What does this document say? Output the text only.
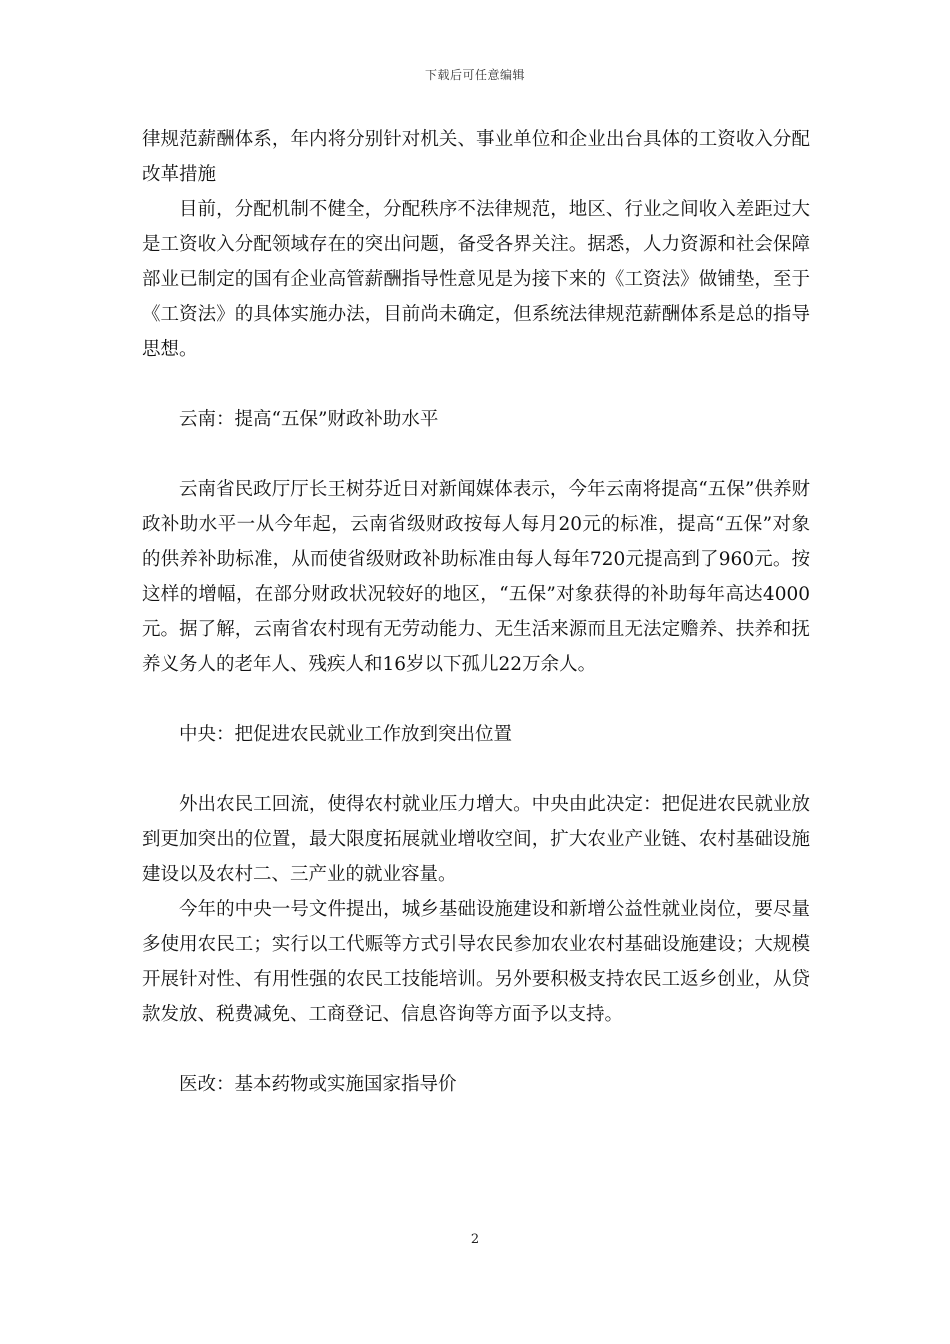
下载后可任意编辑

律规范薪酬体系，年内将分别针对机关、事业单位和企业出台具体的工资收入分配改革措施

目前，分配机制不健全，分配秩序不法律规范，地区、行业之间收入差距过大是工资收入分配领域存在的突出问题，备受各界关注。据悉，人力资源和社会保障部业已制定的国有企业高管薪酬指导性意见是为接下来的《工资法》做铺垫，至于《工资法》的具体实施办法，目前尚未确定，但系统法律规范薪酬体系是总的指导思想。

云南：提高“五保”财政补助水平

云南省民政厅厅长王树芬近日对新闻媒体表示，今年云南将提高“五保”供养财政补助水平一从今年起，云南省级财政按每人每月20元的标准，提高“五保”对象的供养补助标准，从而使省级财政补助标准由每人每年720元提高到了960元。按这样的增幅，在部分财政状况较好的地区，“五保”对象获得的补助每年高达4000元。据了解，云南省农村现有无劳动能力、无生活来源而且无法定赡养、扶养和抚养义务人的老年人、残疾人和16岁以下孤儿22万余人。

中央：把促进农民就业工作放到突出位置

外出农民工回流，使得农村就业压力增大。中央由此决定：把促进农民就业放到更加突出的位置，最大限度拓展就业增收空间，扩大农业产业链、农村基础设施建设以及农村二、三产业的就业容量。

今年的中央一号文件提出，城乡基础设施建设和新增公益性就业岗位，要尽量多使用农民工；实行以工代赈等方式引导农民参加农业农村基础设施建设；大规模开展针对性、有用性强的农民工技能培训。另外要积极支持农民工返乡创业，从贷款发放、税费减免、工商登记、信息咨询等方面予以支持。

医改：基本药物或实施国家指导价

2
